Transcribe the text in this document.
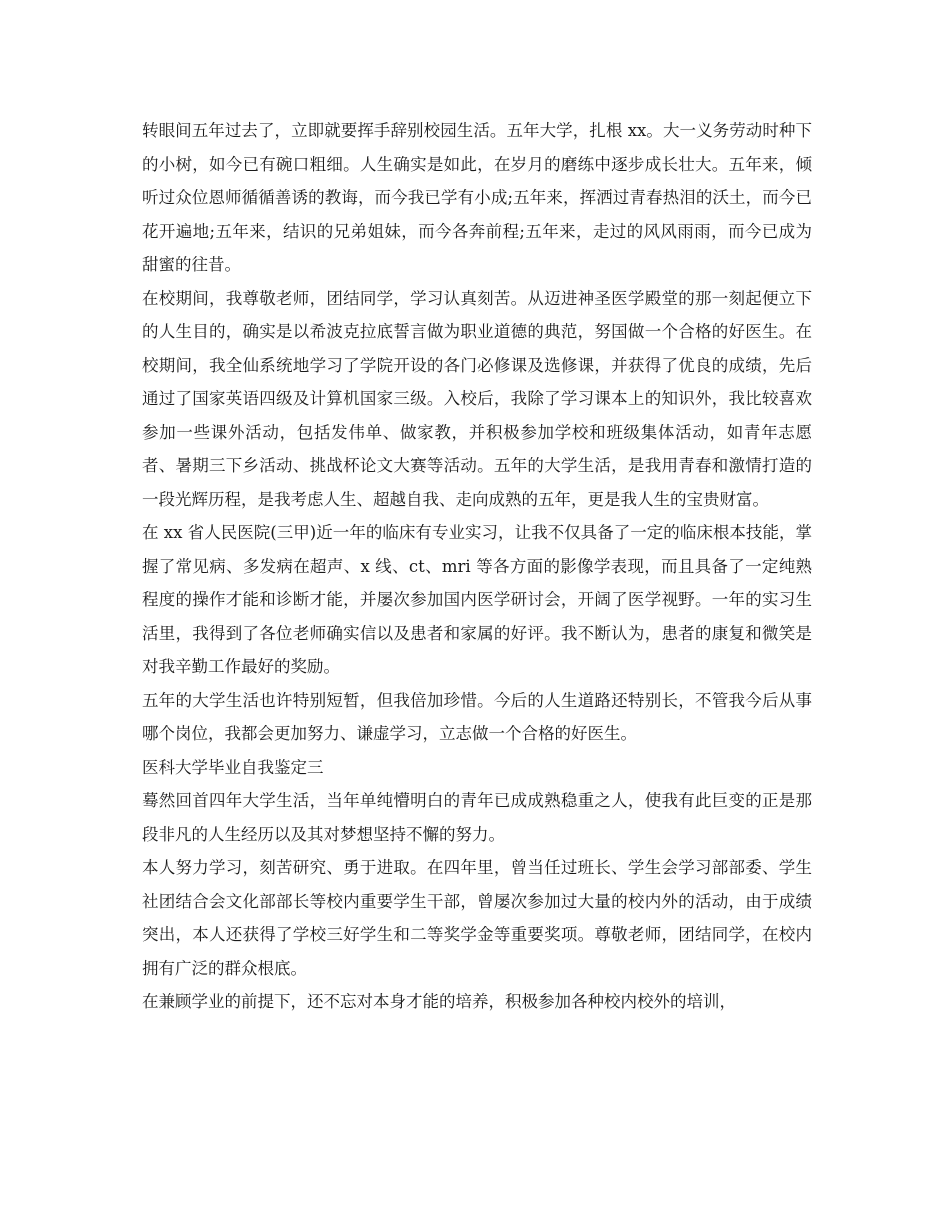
转眼间五年过去了，立即就要挥手辞别校园生活。五年大学，扎根 xx。大一义务劳动时种下的小树，如今已有碗口粗细。人生确实是如此，在岁月的磨练中逐步成长壮大。五年来，倾听过众位恩师循循善诱的教诲，而今我已学有小成;五年来，挥洒过青春热泪的沃土，而今已花开遍地;五年来，结识的兄弟姐妹，而今各奔前程;五年来，走过的风风雨雨，而今已成为甜蜜的往昔。

在校期间，我尊敬老师，团结同学，学习认真刻苦。从迈进神圣医学殿堂的那一刻起便立下的人生目的，确实是以希波克拉底誓言做为职业道德的典范，努国做一个合格的好医生。在校期间，我全仙系统地学习了学院开设的各门必修课及选修课，并获得了优良的成绩，先后通过了国家英语四级及计算机国家三级。入校后，我除了学习课本上的知识外，我比较喜欢参加一些课外活动，包括发伟单、做家教，并积极参加学校和班级集体活动，如青年志愿者、暑期三下乡活动、挑战杯论文大赛等活动。五年的大学生活，是我用青春和激情打造的一段光辉历程，是我考虑人生、超越自我、走向成熟的五年，更是我人生的宝贵财富。

在 xx 省人民医院(三甲)近一年的临床有专业实习，让我不仅具备了一定的临床根本技能，掌握了常见病、多发病在超声、x 线、ct、mri 等各方面的影像学表现，而且具备了一定纯熟程度的操作才能和诊断才能，并屡次参加国内医学研讨会，开阔了医学视野。一年的实习生活里，我得到了各位老师确实信以及患者和家属的好评。我不断认为，患者的康复和微笑是对我辛勤工作最好的奖励。

五年的大学生活也许特别短暂，但我倍加珍惜。今后的人生道路还特别长，不管我今后从事哪个岗位，我都会更加努力、谦虚学习，立志做一个合格的好医生。

医科大学毕业自我鉴定三

蓦然回首四年大学生活，当年单纯懵明白的青年已成成熟稳重之人，使我有此巨变的正是那段非凡的人生经历以及其对梦想坚持不懈的努力。

本人努力学习，刻苦研究、勇于进取。在四年里，曾当任过班长、学生会学习部部委、学生社团结合会文化部部长等校内重要学生干部，曾屡次参加过大量的校内外的活动，由于成绩突出，本人还获得了学校三好学生和二等奖学金等重要奖项。尊敬老师，团结同学，在校内拥有广泛的群众根底。

在兼顾学业的前提下，还不忘对本身才能的培养，积极参加各种校内校外的培训，
